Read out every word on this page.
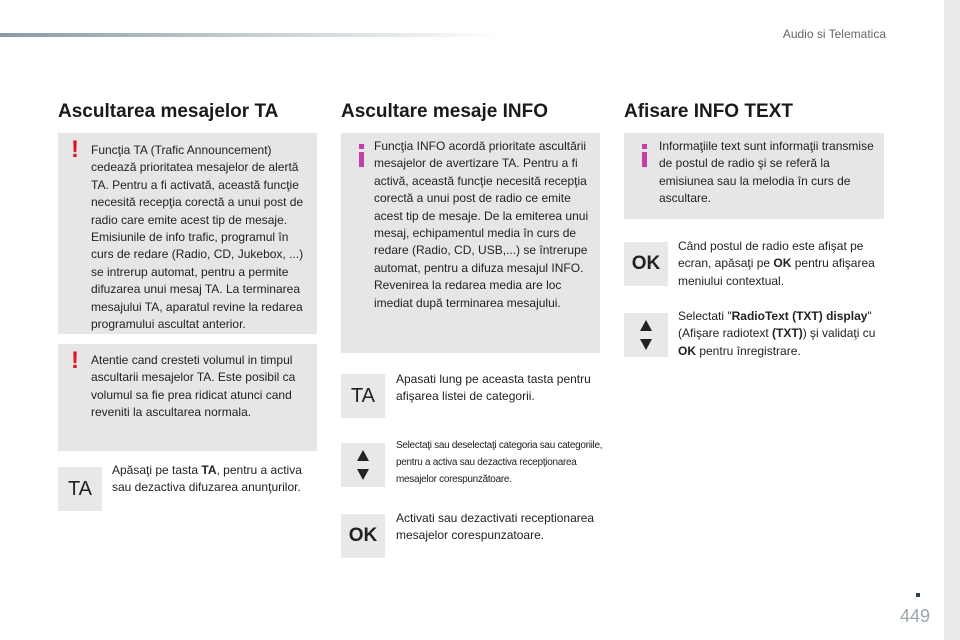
Audio si Telematica
449
Ascultarea mesajelor TA
! Funcţia TA (Trafic Announcement) cedează prioritatea mesajelor de alertă TA. Pentru a fi activată, această funcţie necesită recepţia corectă a unui post de radio care emite acest tip de mesaje. Emisiunile de info trafic, programul în curs de redare (Radio, CD, Jukebox, ...) se intrerup automat, pentru a permite difuzarea unui mesaj TA. La terminarea mesajului TA, aparatul revine la redarea programului ascultat anterior.
! Atentie cand cresteti volumul in timpul ascultarii mesajelor TA. Este posibil ca volumul sa fie prea ridicat atunci cand reveniti la ascultarea normala.
TA
Apăsaţi pe tasta TA, pentru a activa sau dezactiva difuzarea anunţurilor.
Ascultare mesaje INFO
Funcţia INFO acordă prioritate ascultării mesajelor de avertizare TA. Pentru a fi activă, această funcţie necesită recepţia corectă a unui post de radio ce emite acest tip de mesaje. De la emiterea unui mesaj, echipamentul media în curs de redare (Radio, CD, USB,...) se întrerupe automat, pentru a difuza mesajul INFO. Revenirea la redarea media are loc imediat după terminarea mesajului.
TA
Apasati lung pe aceasta tasta pentru afişarea listei de categorii.
Selectaţi sau deselectaţi categoria sau categoriile, pentru a activa sau dezactiva recepţionarea mesajelor corespunzătoare.
OK
Activati sau dezactivati receptionarea mesajelor corespunzatoare.
Afisare INFO TEXT
Informaţiile text sunt informaţii transmise de postul de radio şi se referă la emisiunea sau la melodia în curs de ascultare.
OK
Când postul de radio este afişat pe ecran, apăsaţi pe OK pentru afişarea meniului contextual.
Selectati "RadioText (TXT) display" (Afişare radiotext (TXT)) şi validaţi cu OK pentru înregistrare.
